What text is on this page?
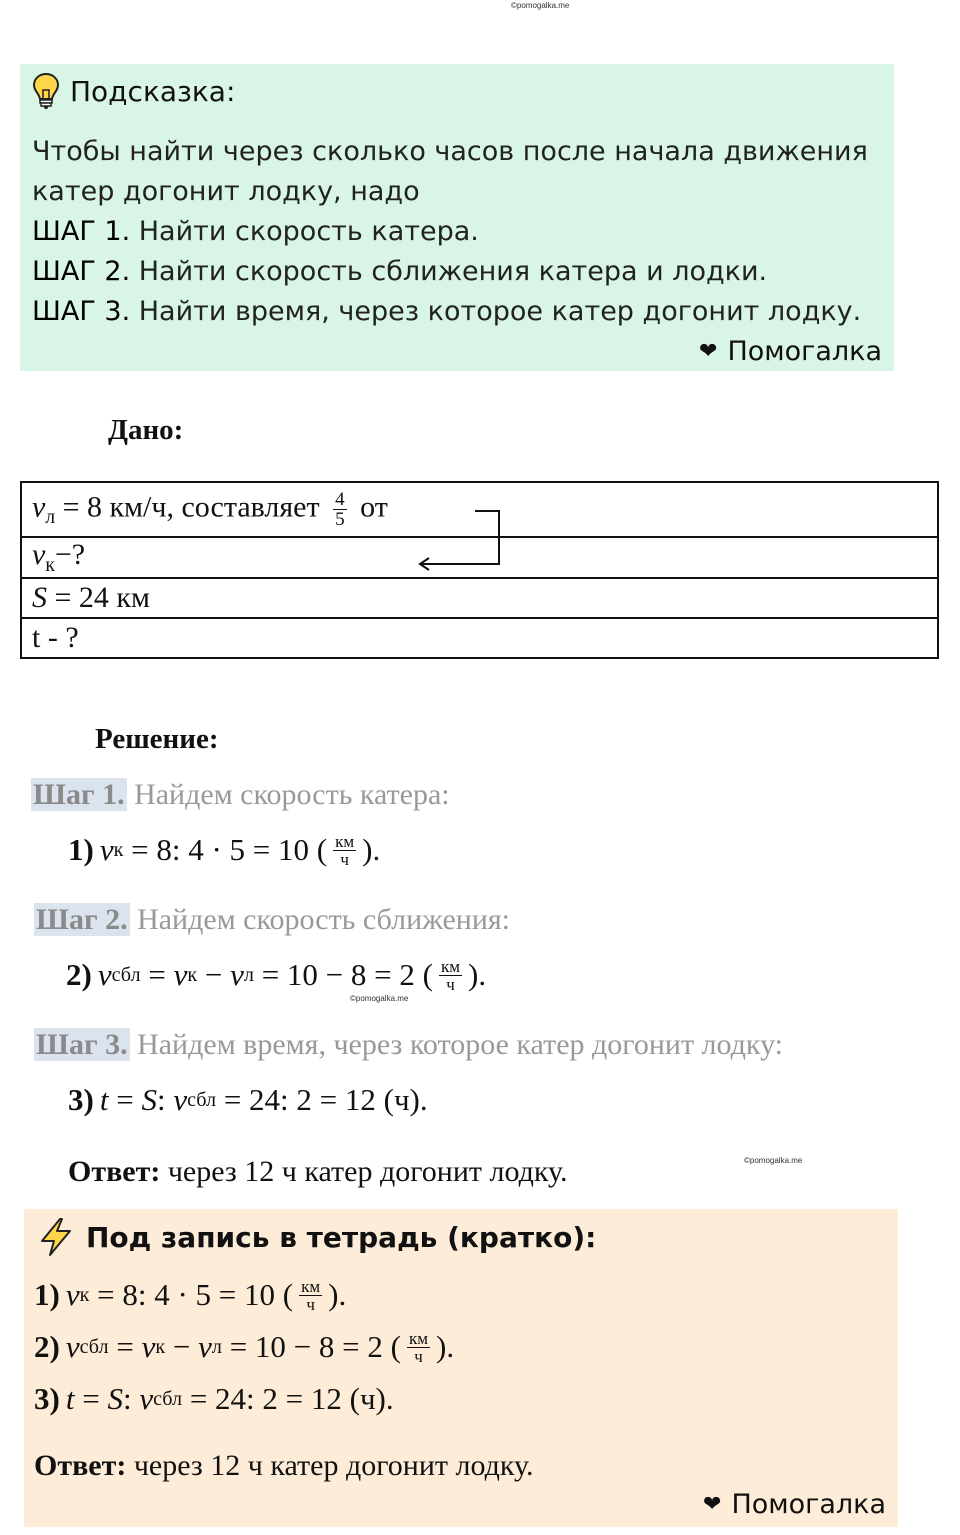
©pomogalka.me
Подсказка:
Чтобы найти через сколько часов после начала движения
катер догонит лодку, надо
ШАГ 1. Найти скорость катера.
ШАГ 2. Найти скорость сближения катера и лодки.
ШАГ 3. Найти время, через которое катер догонит лодку.
❤ Помогалка
Дано:
$v_л = 8$ км/ч, составляет $\frac{4}{5}$ от
$v_к-$?
S = 24 км
t - ?
Решение:
Шаг 1. Найдем скорость катера:
1) v к = 8: 4 · 5 = 10 ( $\frac{км}{ч}$ ).
Шаг 2. Найдем скорость сближения:
2) v сбл = v к − v л = 10 − 8 = 2 ( $\frac{км}{ч}$ ).
©pomogalka.me
Шаг 3. Найдем время, через которое катер догонит лодку:
3) t = S : v сбл = 24: 2 = 12 (ч).
Ответ: через 12 ч катер догонит лодку.	©pomogalka.me
Под запись в тетрадь (кратко):
1) v к = 8: 4 · 5 = 10 ( $\frac{км}{ч}$ ).
2) v сбл = v к − v л = 10 − 8 = 2 ( $\frac{км}{ч}$ ).
3) t = S : v сбл = 24: 2 = 12 (ч).
Ответ: через 12 ч катер догонит лодку.
❤ Помогалка
